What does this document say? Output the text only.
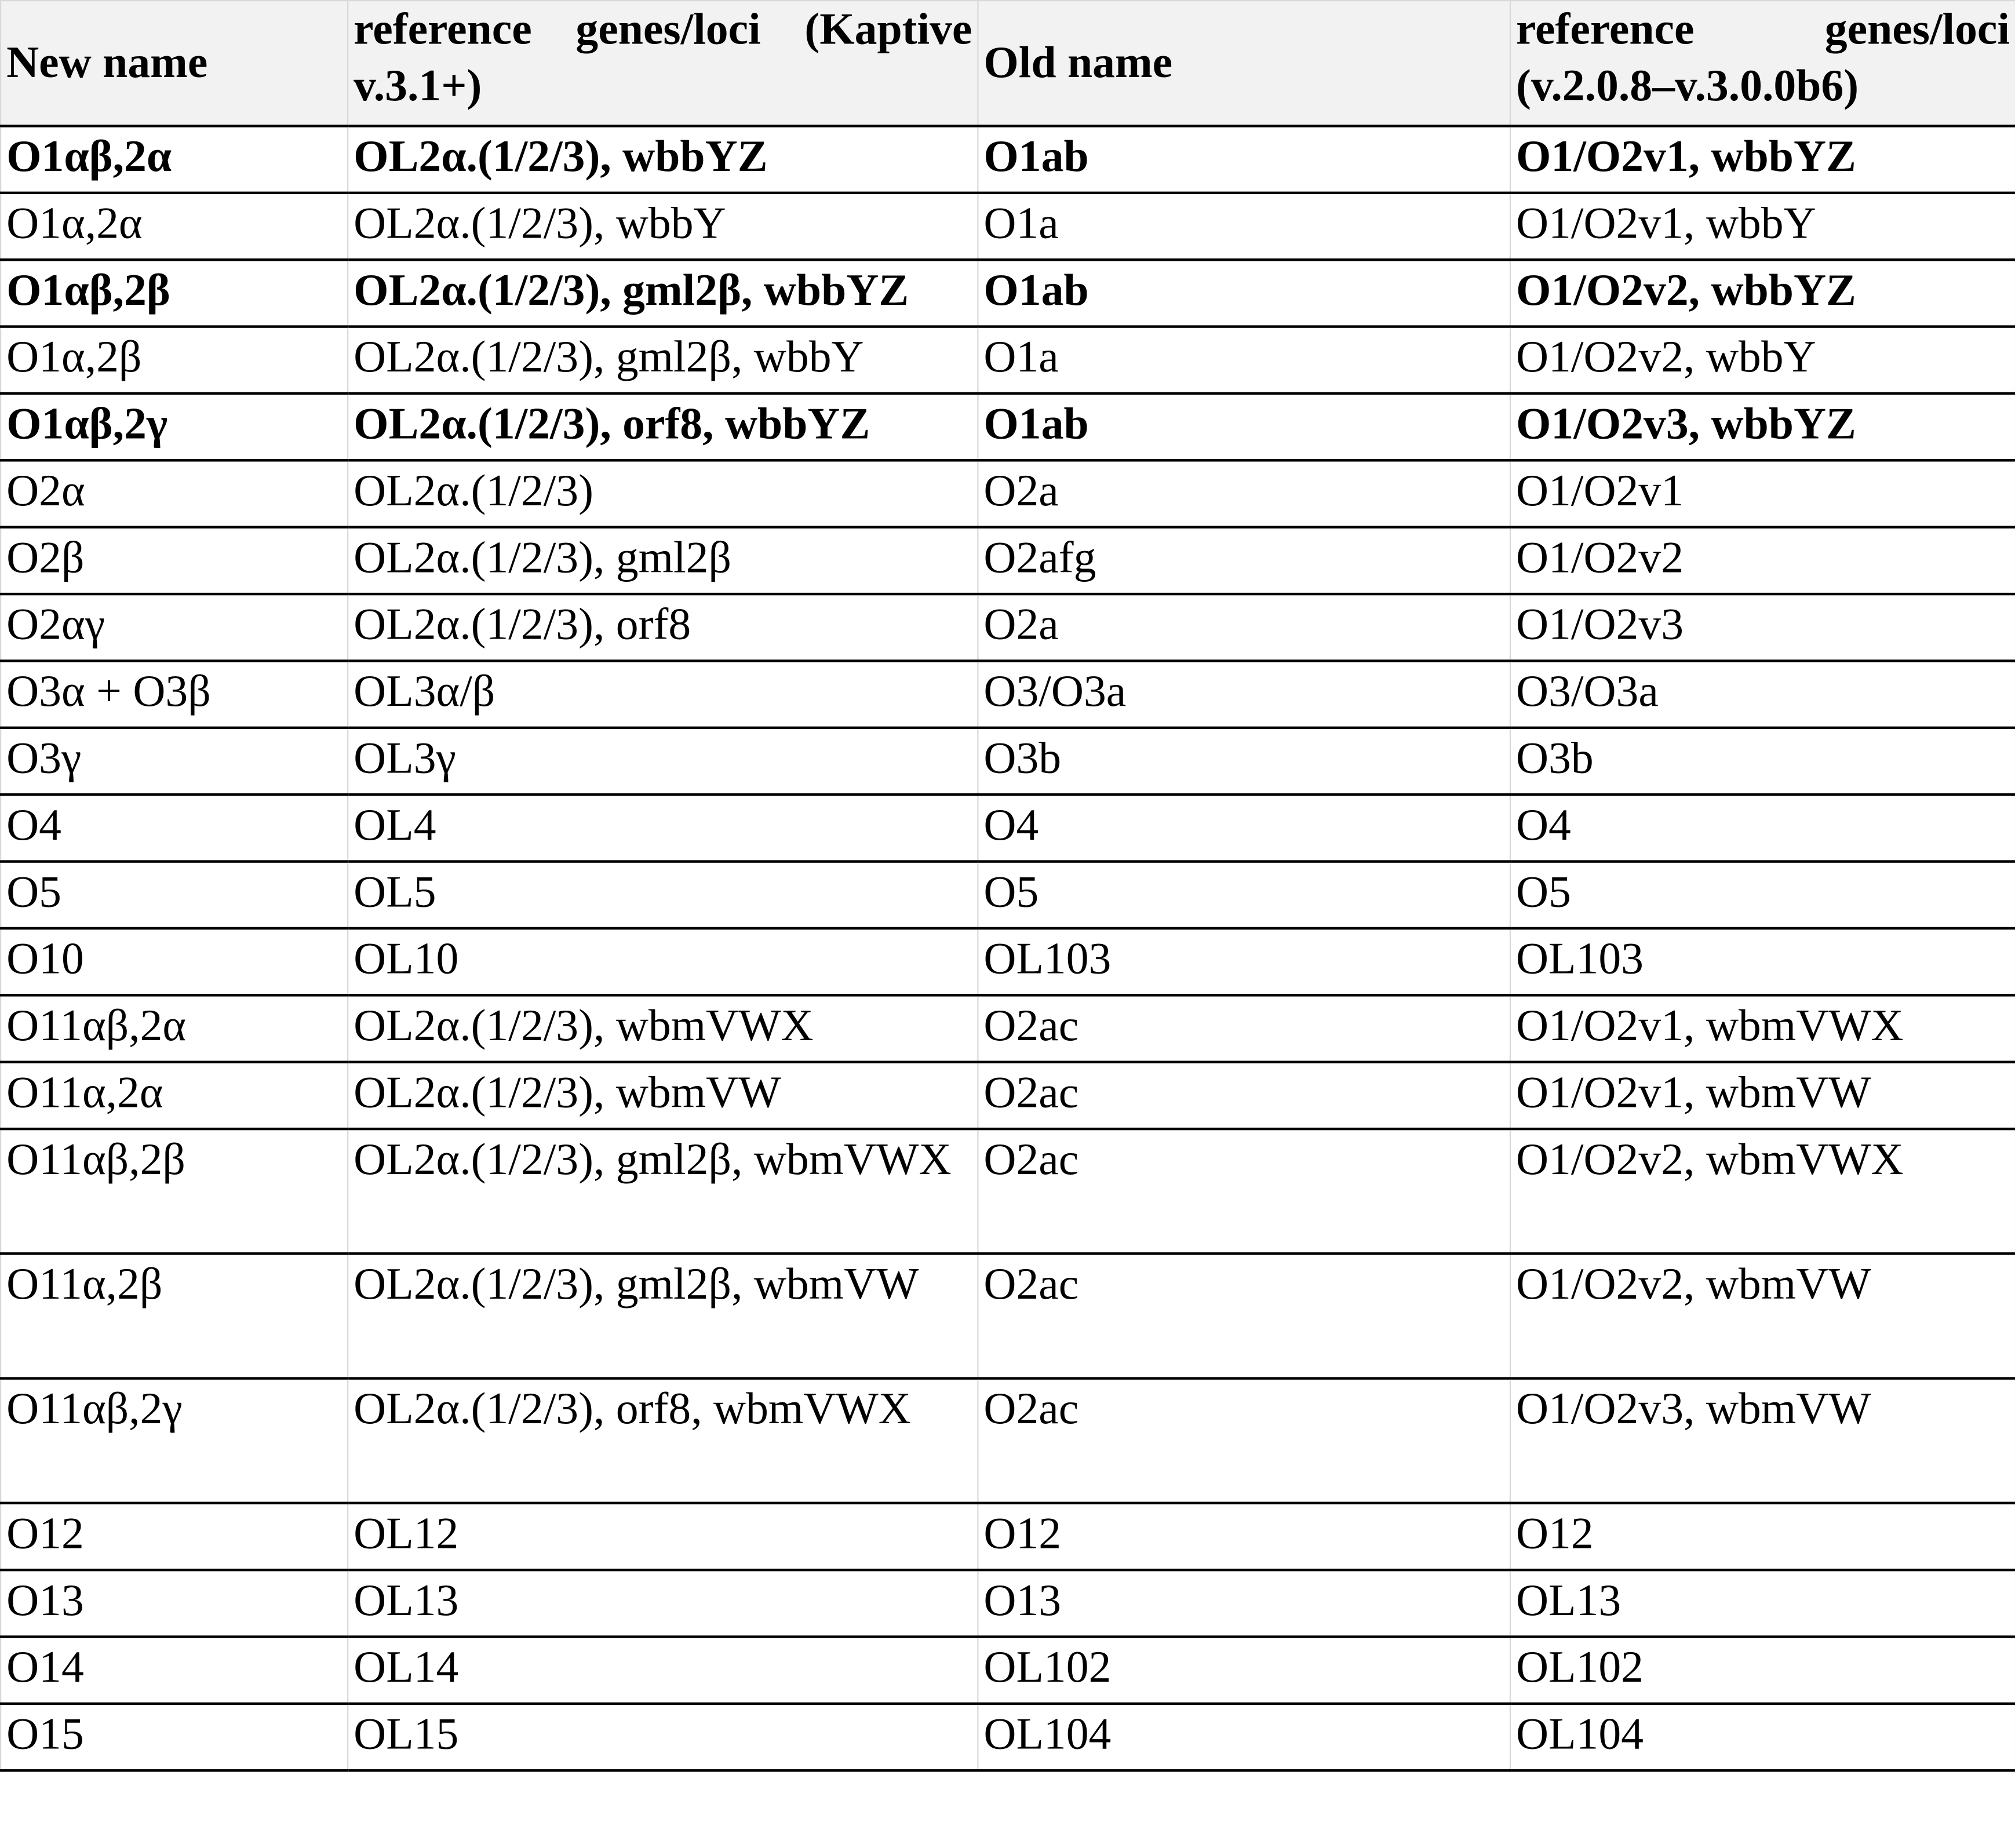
New name	reference genes/loci (Kaptive v.3.1+)	Old name	reference genes/loci (v.2.0.8–v.3.0.0b6)
O1αβ,2α	OL2α.(1/2/3), wbbYZ	O1ab	O1/O2v1, wbbYZ
O1α,2α	OL2α.(1/2/3), wbbY	O1a	O1/O2v1, wbbY
O1αβ,2β	OL2α.(1/2/3), gml2β, wbbYZ	O1ab	O1/O2v2, wbbYZ
O1α,2β	OL2α.(1/2/3), gml2β, wbbY	O1a	O1/O2v2, wbbY
O1αβ,2γ	OL2α.(1/2/3), orf8, wbbYZ	O1ab	O1/O2v3, wbbYZ
O2α	OL2α.(1/2/3)	O2a	O1/O2v1
O2β	OL2α.(1/2/3), gml2β	O2afg	O1/O2v2
O2αγ	OL2α.(1/2/3), orf8	O2a	O1/O2v3
O3α + O3β	OL3α/β	O3/O3a	O3/O3a
O3γ	OL3γ	O3b	O3b
O4	OL4	O4	O4
O5	OL5	O5	O5
O10	OL10	OL103	OL103
O11αβ,2α	OL2α.(1/2/3), wbmVWX	O2ac	O1/O2v1, wbmVWX
O11α,2α	OL2α.(1/2/3), wbmVW	O2ac	O1/O2v1, wbmVW
O11αβ,2β	OL2α.(1/2/3), gml2β, wbmVWX	O2ac	O1/O2v2, wbmVWX
O11α,2β	OL2α.(1/2/3), gml2β, wbmVW	O2ac	O1/O2v2, wbmVW
O11αβ,2γ	OL2α.(1/2/3), orf8, wbmVWX	O2ac	O1/O2v3, wbmVW
O12	OL12	O12	O12
O13	OL13	O13	OL13
O14	OL14	OL102	OL102
O15	OL15	OL104	OL104
